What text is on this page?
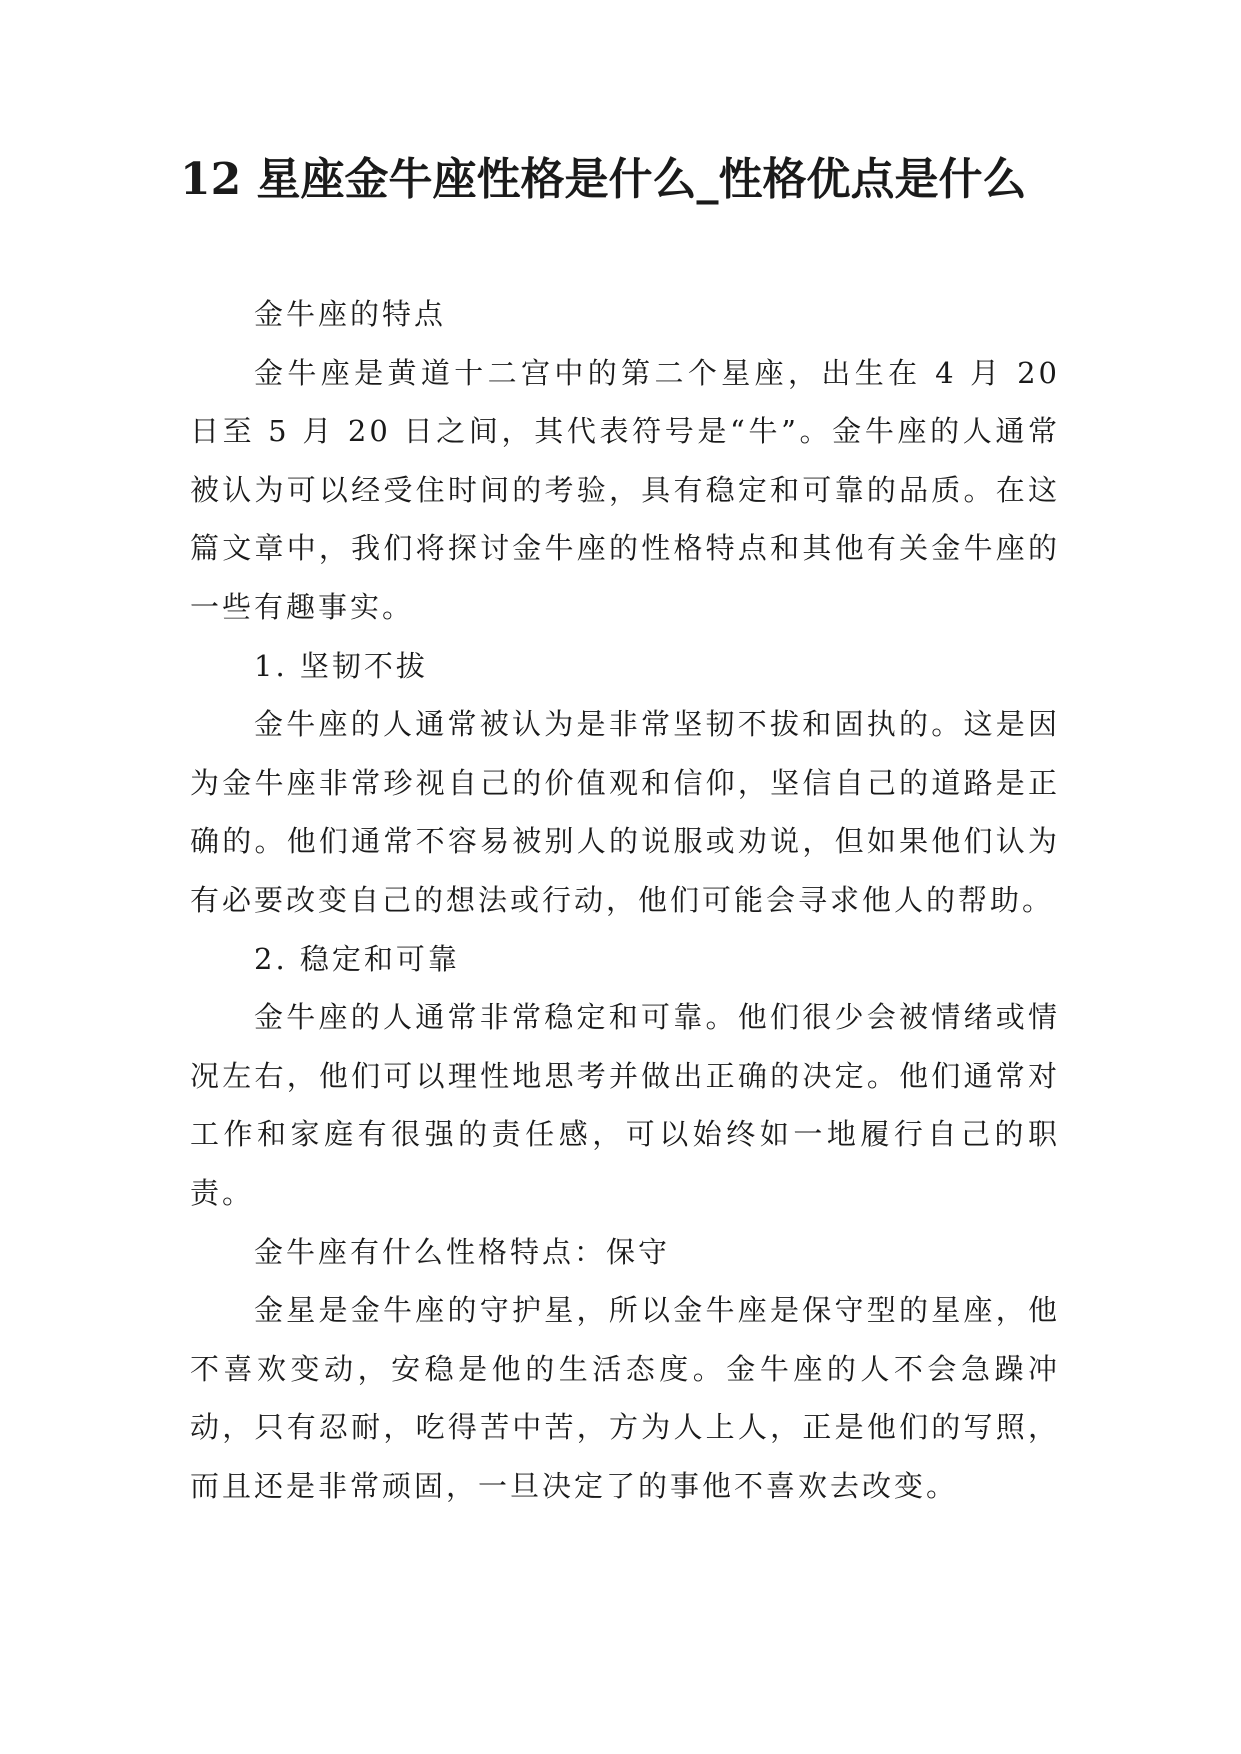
12 星座金牛座性格是什么_性格优点是什么

金牛座的特点

金牛座是黄道十二宫中的第二个星座，出生在 4 月 20 日至 5 月 20 日之间，其代表符号是“牛”。金牛座的人通常被认为可以经受住时间的考验，具有稳定和可靠的品质。在这篇文章中，我们将探讨金牛座的性格特点和其他有关金牛座的一些有趣事实。

1. 坚韧不拔

金牛座的人通常被认为是非常坚韧不拔和固执的。这是因为金牛座非常珍视自己的价值观和信仰，坚信自己的道路是正确的。他们通常不容易被别人的说服或劝说，但如果他们认为有必要改变自己的想法或行动，他们可能会寻求他人的帮助。

2. 稳定和可靠

金牛座的人通常非常稳定和可靠。他们很少会被情绪或情况左右，他们可以理性地思考并做出正确的决定。他们通常对工作和家庭有很强的责任感，可以始终如一地履行自己的职责。

金牛座有什么性格特点：保守

金星是金牛座的守护星，所以金牛座是保守型的星座，他不喜欢变动，安稳是他的生活态度。金牛座的人不会急躁冲动，只有忍耐，吃得苦中苦，方为人上人，正是他们的写照，而且还是非常顽固，一旦决定了的事他不喜欢去改变。
